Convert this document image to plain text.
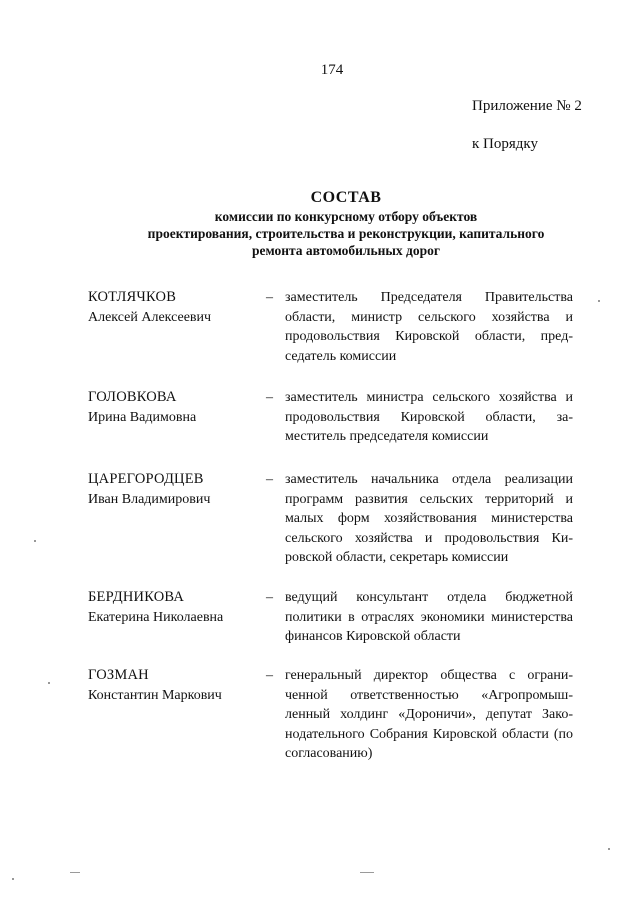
174
Приложение № 2
к Порядку
СОСТАВ
комиссии по конкурсному отбору объектов
проектирования, строительства и реконструкции, капитального
ремонта автомобильных дорог
КОТЛЯЧКОВ
Алексей Алексеевич
– заместитель Председателя Правительства области, министр сельского хозяйства и продовольствия Кировской области, председатель комиссии
ГОЛОВКОВА
Ирина Вадимовна
– заместитель министра сельского хозяйства и продовольствия Кировской области, заместитель председателя комиссии
ЦАРЕГОРОДЦЕВ
Иван Владимирович
– заместитель начальника отдела реализации программ развития сельских территорий и малых форм хозяйствования министерства сельского хозяйства и продовольствия Кировской области, секретарь комиссии
БЕРДНИКОВА
Екатерина Николаевна
– ведущий консультант отдела бюджетной политики в отраслях экономики министерства финансов Кировской области
ГОЗМАН
Константин Маркович
– генеральный директор общества с ограниченной ответственностью «Агропромышленный холдинг «Дороничи», депутат Законодательного Собрания Кировской области (по согласованию)
